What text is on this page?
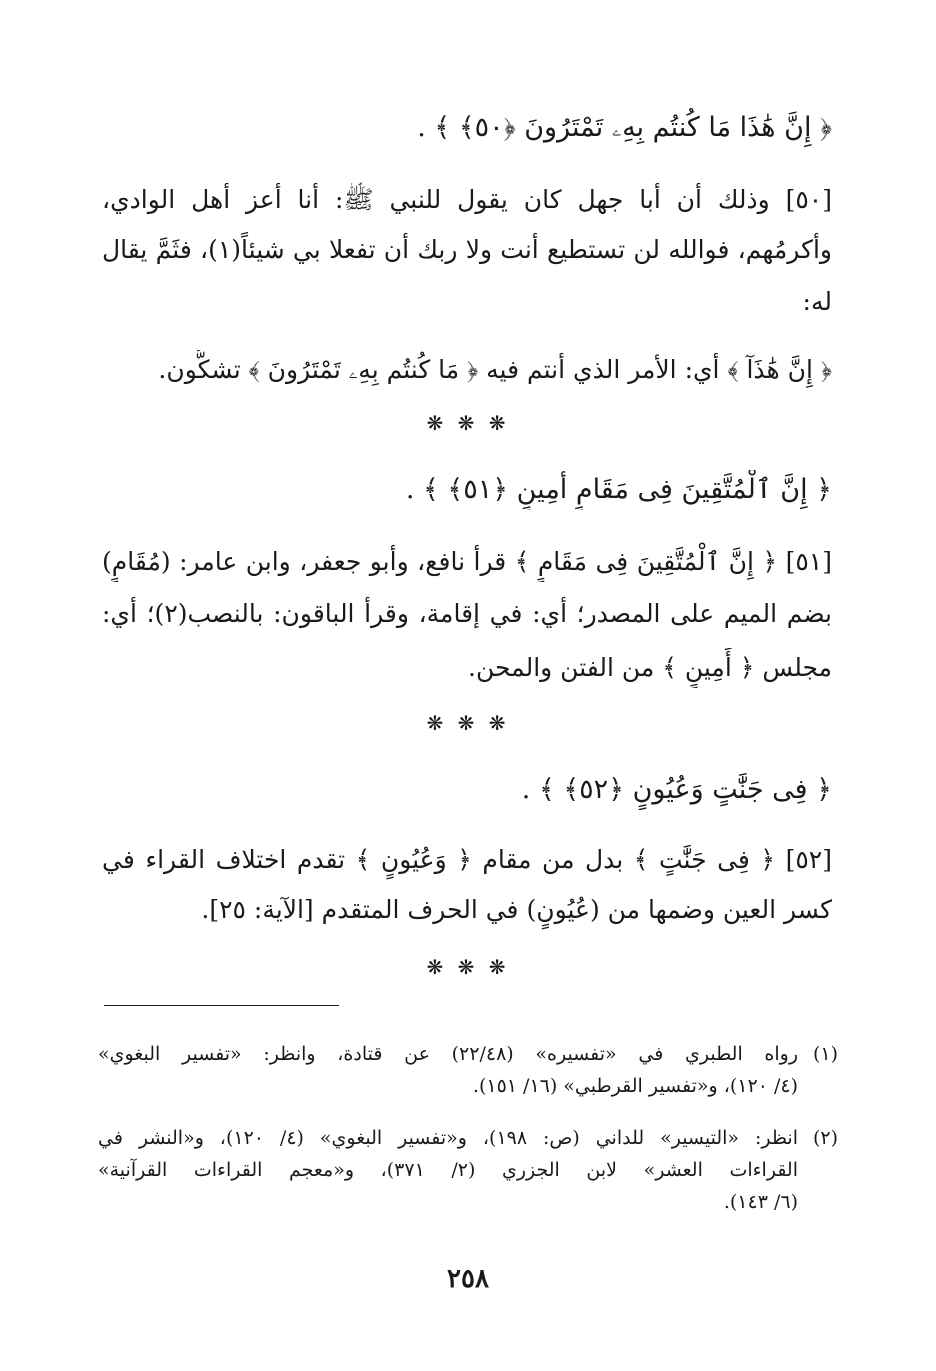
﴿ إِنَّ هَٰذَا مَا كُنتُم بِهِۦ تَمْتَرُونَ ﴿٥٠﴾ ﴾ .
[٥٠] وذلك أن أبا جهل كان يقول للنبي ﷺ: أنا أعز أهل الوادي،
وأكرمُهم، فوالله لن تستطيع أنت ولا ربك أن تفعلا بي شيئاً(١)، فثَمَّ يقال
له:
﴿ إِنَّ هَٰذَآ ﴾ أي: الأمر الذي أنتم فيه ﴿ مَا كُنتُم بِهِۦ تَمْتَرُونَ ﴾ تشكُّون.
❋ ❋ ❋
﴿ إِنَّ ٱلْمُتَّقِينَ فِى مَقَامٍ أَمِينٍ ﴿٥١﴾ ﴾ .
[٥١] ﴿ إِنَّ ٱلْمُتَّقِينَ فِى مَقَامٍ ﴾ قرأ نافع، وأبو جعفر، وابن عامر: (مُقَامٍ)
بضم الميم على المصدر؛ أي: في إقامة، وقرأ الباقون: بالنصب(٢)؛ أي:
مجلس ﴿ أَمِينٍ ﴾ من الفتن والمحن.
❋ ❋ ❋
﴿ فِى جَنَّٰتٍ وَعُيُونٍ ﴿٥٢﴾ ﴾ .
[٥٢] ﴿ فِى جَنَّٰتٍ ﴾ بدل من مقام ﴿ وَعُيُونٍ ﴾ تقدم اختلاف القراء في
كسر العين وضمها من (عُيُونٍ) في الحرف المتقدم [الآية: ٢٥].
❋ ❋ ❋
(١)
رواه الطبري في «تفسيره» (٢٢/٤٨) عن قتادة، وانظر: «تفسير البغوي»
(٤/ ١٢٠)، و«تفسير القرطبي» (١٦/ ١٥١).
(٢)
انظر: «التيسير» للداني (ص: ١٩٨)، و«تفسير البغوي» (٤/ ١٢٠)، و«النشر في
القراءات العشر» لابن الجزري (٢/ ٣٧١)، و«معجم القراءات القرآنية»
(٦/ ١٤٣).
٢٥٨
